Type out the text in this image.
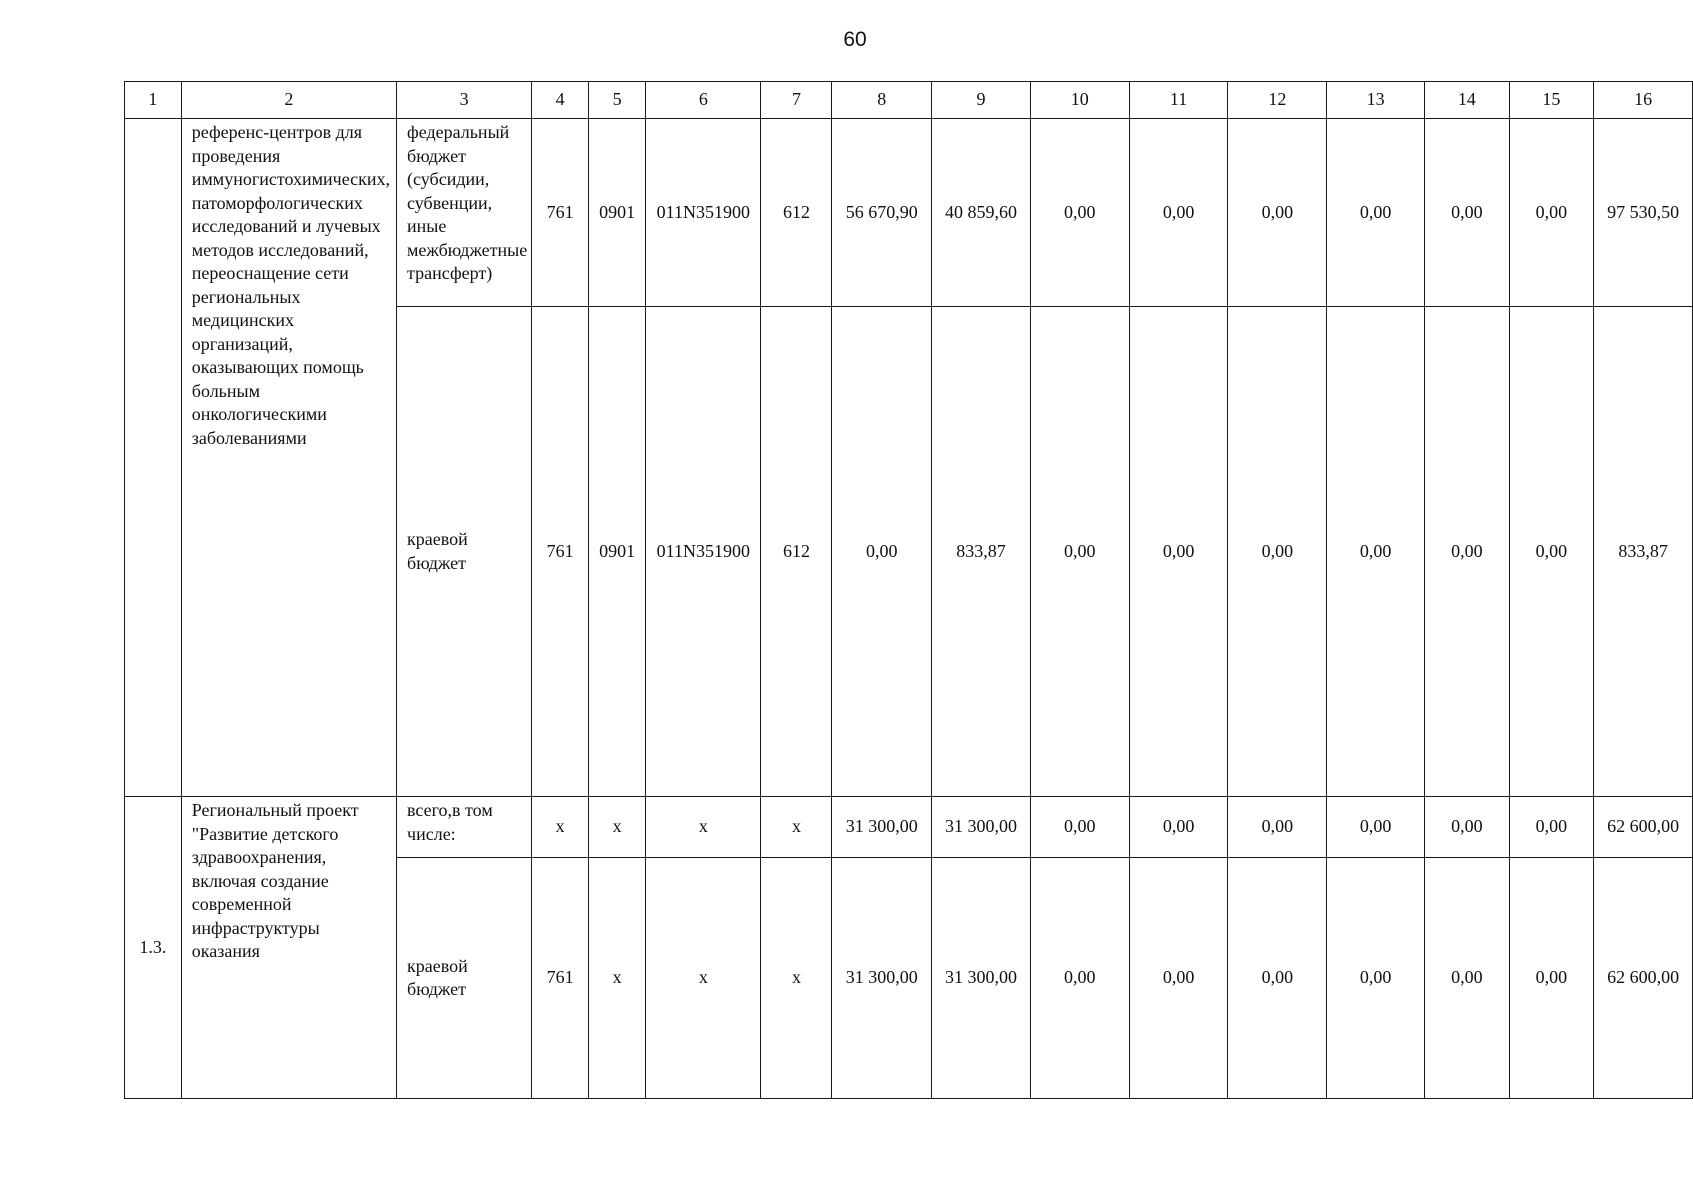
60
1	2	3	4	5	6	7	8	9	10	11	12	13	14	15	16
	референс-центров для проведения иммуногистохимических, патоморфологических исследований и лучевых методов исследований, переоснащение сети региональных медицинских организаций, оказывающих помощь больным онкологическими заболеваниями	федеральный бюджет (субсидии, субвенции, иные межбюджетные трансферт)	761	0901	011N351900	612	56 670,90	40 859,60	0,00	0,00	0,00	0,00	0,00	0,00	97 530,50
		краевой бюджет	761	0901	011N351900	612	0,00	833,87	0,00	0,00	0,00	0,00	0,00	0,00	833,87
1.3.	Региональный проект "Развитие детского здравоохранения, включая создание современной инфраструктуры оказания	всего,в том числе:	x	x	x	x	31 300,00	31 300,00	0,00	0,00	0,00	0,00	0,00	0,00	62 600,00
		краевой бюджет	761	x	x	x	31 300,00	31 300,00	0,00	0,00	0,00	0,00	0,00	0,00	62 600,00
